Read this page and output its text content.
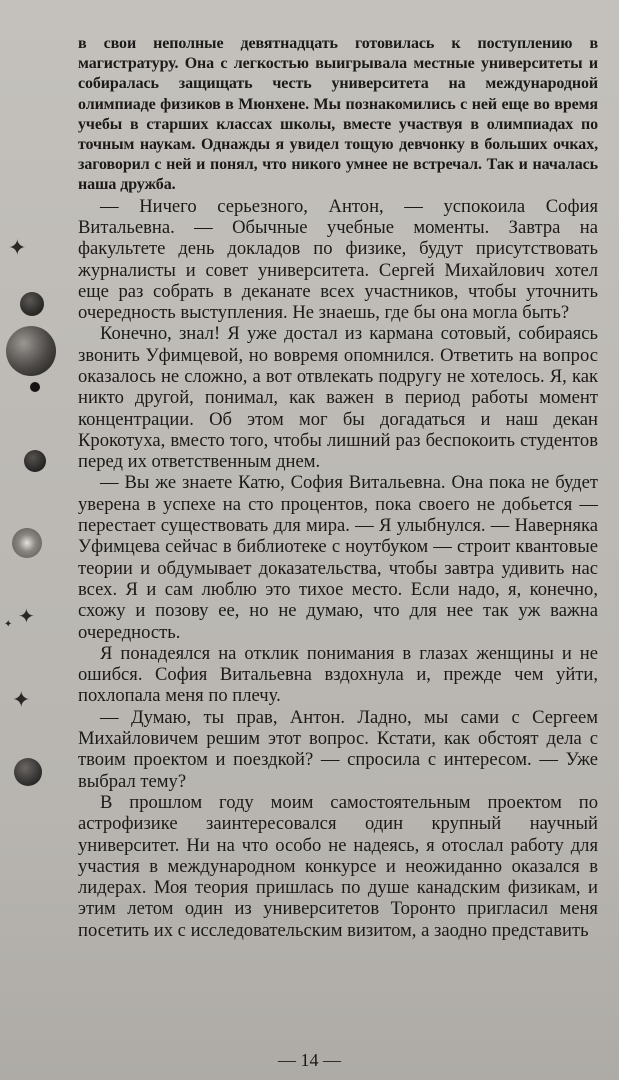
✦
✦
✦
✦

в свои неполные девятнадцать готовилась к поступлению в магистратуру. Она с легкостью выигрывала местные университеты и собиралась защищать честь университета на международной олимпиаде физиков в Мюнхене. Мы познакомились с ней еще во время учебы в старших классах школы, вместе участвуя в олимпиадах по точным наукам. Однажды я увидел тощую девчонку в больших очках, заговорил с ней и понял, что никого умнее не встречал. Так и началась наша дружба.

— Ничего серьезного, Антон, — успокоила София Витальевна. — Обычные учебные моменты. Завтра на факультете день докладов по физике, будут присутствовать журналисты и совет университета. Сергей Михайлович хотел еще раз собрать в деканате всех участников, чтобы уточнить очередность выступления. Не знаешь, где бы она могла быть?

Конечно, знал! Я уже достал из кармана сотовый, собираясь звонить Уфимцевой, но вовремя опомнился. Ответить на вопрос оказалось не сложно, а вот отвлекать подругу не хотелось. Я, как никто другой, понимал, как важен в период работы момент концентрации. Об этом мог бы догадаться и наш декан Крокотуха, вместо того, чтобы лишний раз беспокоить студентов перед их ответственным днем.

— Вы же знаете Катю, София Витальевна. Она пока не будет уверена в успехе на сто процентов, пока своего не добьется — перестает существовать для мира. — Я улыбнулся. — Наверняка Уфимцева сейчас в библиотеке с ноутбуком — строит квантовые теории и обдумывает доказательства, чтобы завтра удивить нас всех. Я и сам люблю это тихое место. Если надо, я, конечно, схожу и позову ее, но не думаю, что для нее так уж важна очередность.

Я понадеялся на отклик понимания в глазах женщины и не ошибся. София Витальевна вздохнула и, прежде чем уйти, похлопала меня по плечу.

— Думаю, ты прав, Антон. Ладно, мы сами с Сергеем Михайловичем решим этот вопрос. Кстати, как обстоят дела с твоим проектом и поездкой? — спросила с интересом. — Уже выбрал тему?

В прошлом году моим самостоятельным проектом по астрофизике заинтересовался один крупный научный университет. Ни на что особо не надеясь, я отослал работу для участия в международном конкурсе и неожиданно оказался в лидерах. Моя теория пришлась по душе канадским физикам, и этим летом один из университетов Торонто пригласил меня посетить их с исследовательским визитом, а заодно представить

— 14 —
